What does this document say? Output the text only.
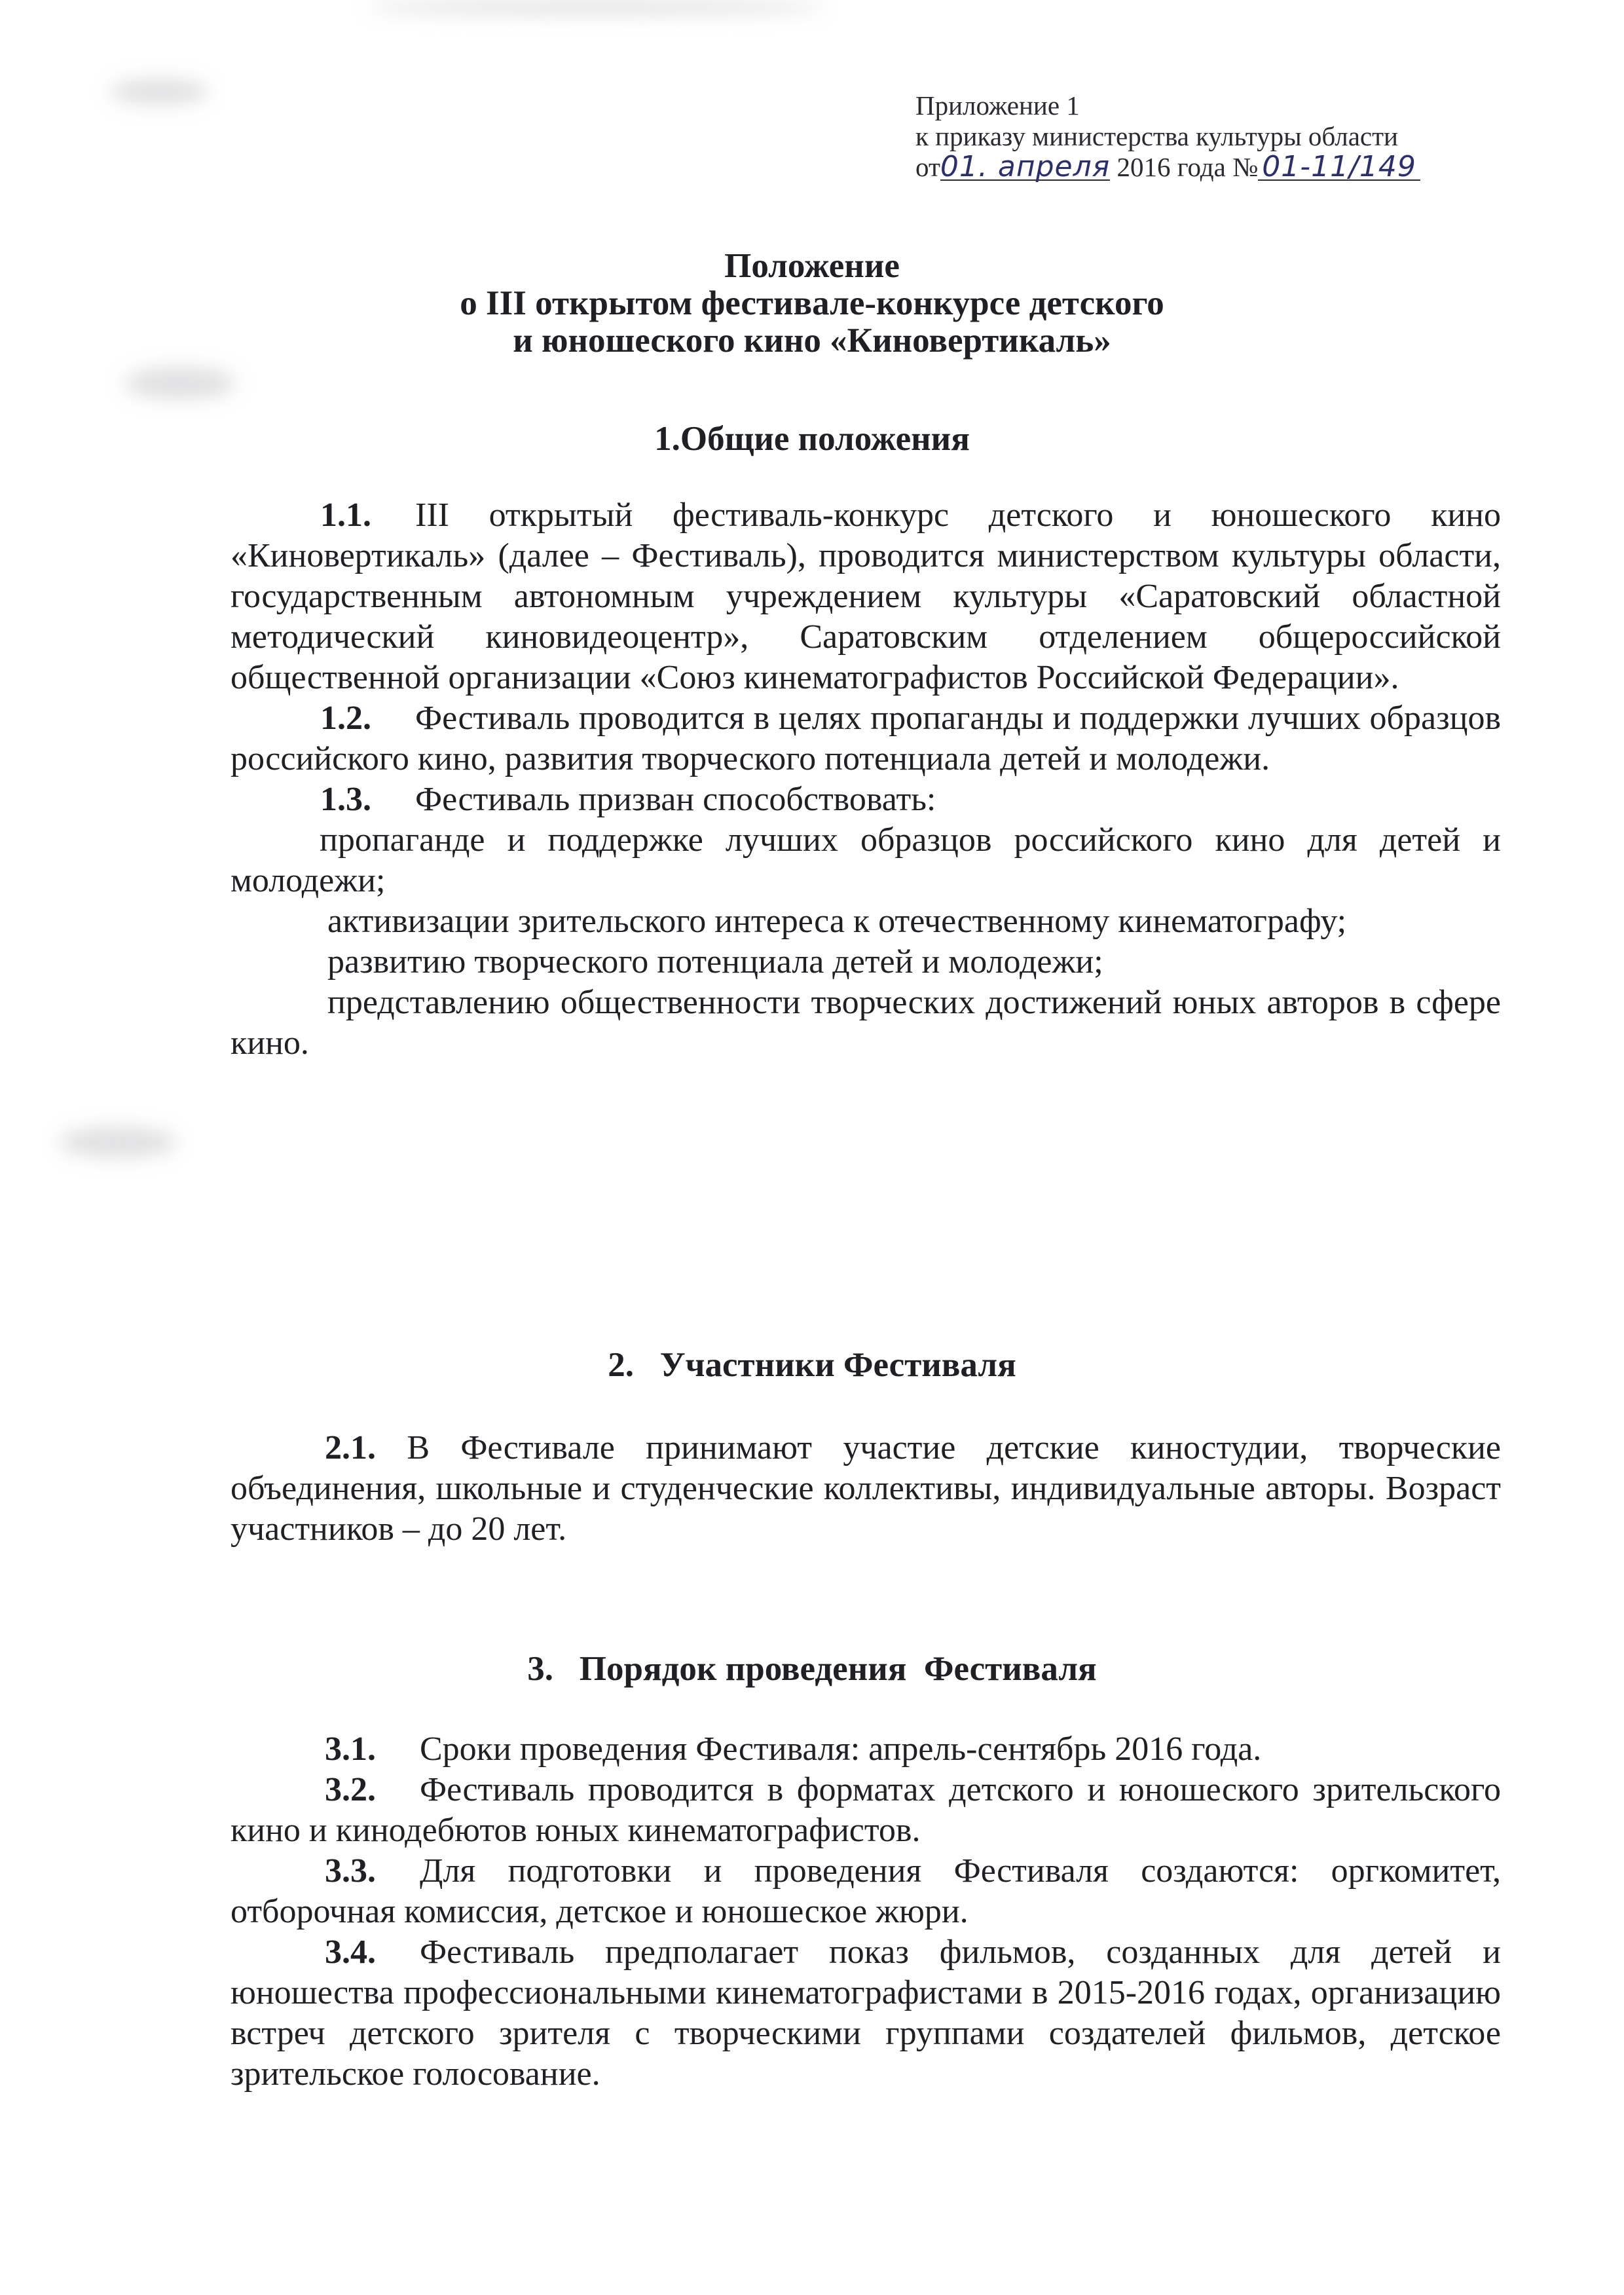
Приложение 1
к приказу министерства культуры области
от01. апреля 2016 года № 01-11/149
Положение
о III открытом фестивале-конкурсе детского
и юношеского кино «Киновертикаль»
1.Общие положения

1.1. III открытый фестиваль-конкурс детского и юношеского кино «Киновертикаль» (далее – Фестиваль), проводится министерством культуры области, государственным автономным учреждением культуры «Саратовский областной методический киновидеоцентр», Саратовским отделением общероссийской общественной организации «Союз кинематографистов Российской Федерации».

1.2. Фестиваль проводится в целях пропаганды и поддержки лучших образцов российского кино, развития творческого потенциала детей и молодежи.

1.3. Фестиваль призван способствовать:

пропаганде и поддержке лучших образцов российского кино для детей и молодежи;

активизации зрительского интереса к отечественному кинематографу;

развитию творческого потенциала детей и молодежи;

представлению общественности творческих достижений юных авторов в сфере кино.

2.   Участники Фестиваля

2.1. В Фестивале принимают участие детские киностудии, творческие объединения, школьные и студенческие коллективы, индивидуальные авторы. Возраст участников – до 20 лет.

3.   Порядок проведения  Фестиваля

3.1. Сроки проведения Фестиваля: апрель-сентябрь 2016 года.

3.2. Фестиваль проводится в форматах детского и юношеского зрительского кино и кинодебютов юных кинематографистов.

3.3. Для подготовки и проведения Фестиваля создаются: оргкомитет, отборочная комиссия, детское и юношеское жюри.

3.4. Фестиваль предполагает показ фильмов, созданных для детей и юношества профессиональными кинематографистами в 2015-2016 годах, организацию встреч детского зрителя с творческими группами создателей фильмов, детское зрительское голосование.
